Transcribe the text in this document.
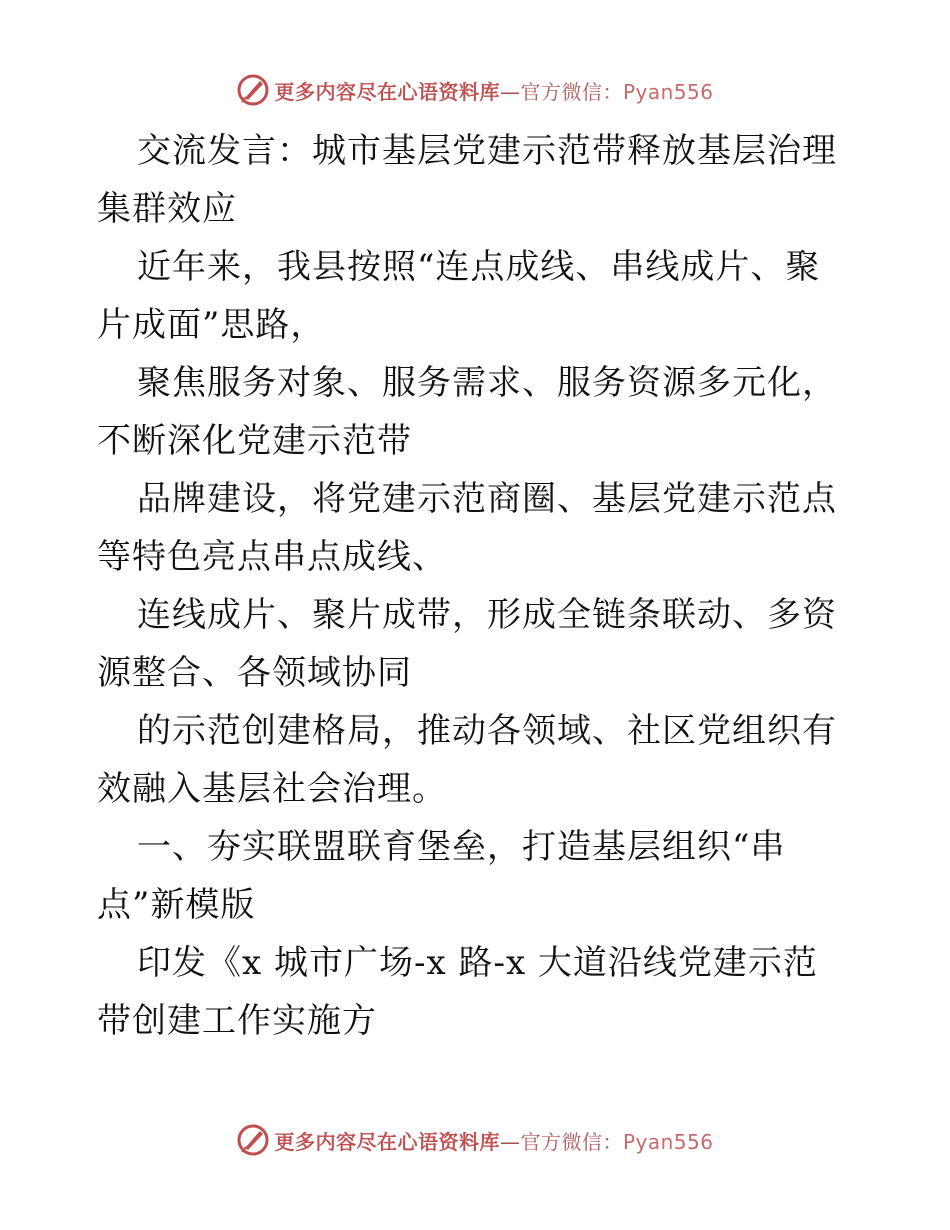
更多内容尽在心语资料库—官方微信：Pyan556

交流发言：城市基层党建示范带释放基层治理集群效应

近年来，我县按照“连点成线、串线成片、聚片成面”思路，

聚焦服务对象、服务需求、服务资源多元化，不断深化党建示范带

品牌建设，将党建示范商圈、基层党建示范点等特色亮点串点成线、

连线成片、聚片成带，形成全链条联动、多资源整合、各领域协同

的示范创建格局，推动各领域、社区党组织有效融入基层社会治理。

一、夯实联盟联育堡垒，打造基层组织“串点”新模版

印发《x 城市广场-x 路-x 大道沿线党建示范带创建工作实施方

更多内容尽在心语资料库—官方微信：Pyan556
